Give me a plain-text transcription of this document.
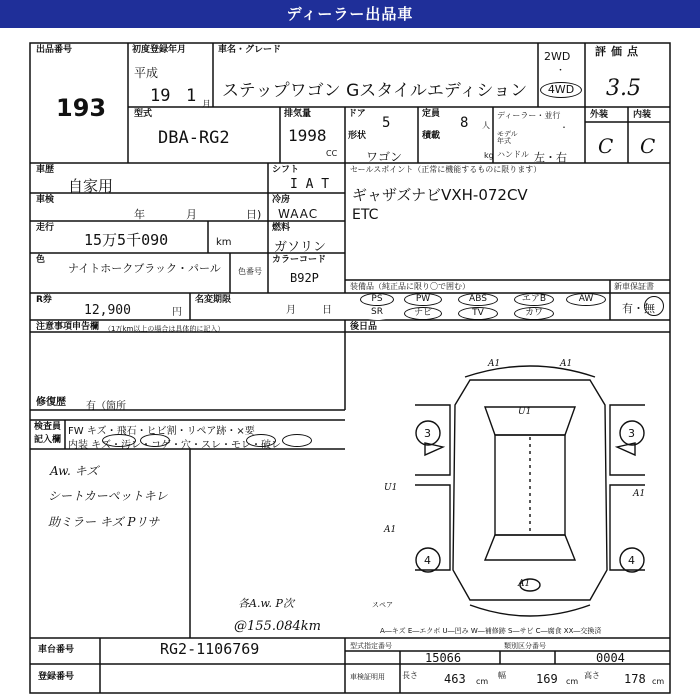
ディーラー出品車
出品番号
193
初度登録年月
平成
19 1 月
車名・グレード
ステップワゴン Gスタイルエディション
2WD
・
4WD
評価点
3.5
型式
DBA-RG2
排気量
1998
CC
ドア
5
定員
8 人
ディーラー・並行
・
形状
ワゴン
積載
kg
モデル年式
ハンドル 左・右
外装	内装
C C
車歴
自家用
シフト
I A T
セールスポイント（正常に機能するものに限ります）
ギャザズナビVXH-072CV
ETC
車検
年	月	日)
冷房
WAAC
走行
15万5千090	km
燃料
ガソリン
色
ナイトホークブラック・パール	色番号
カラーコード
B92P
装備品（純正品に限り〇で囲む）
PS	PW	ABS	エアB	AW
SR	ナビ	TV	カワ
新車保証書
有・無
R券
12,900	円
名変期限
月	日
注意事項申告欄 （1万km以上の場合は具体的に記入）	後日品
修復歴 有（箇所
検査員
記入欄
FW キズ・飛石・ヒビ割・リペア跡・×要
内装 キズ・汚レ・コゲ・穴・スレ・モレ・破レ
Aw. キズ
シートカーペットキレ
助ミラー キズ Pリサ
各A.w. P次
@155.084km
A1	A1
U1
U1
A1
A1
A1
3	3
4	4
スペア
A―キズ E―エクボ U―凹み W―補修跡 S―サビ C―腐食 XX―交換済
車台番号	RG2-1106769
登録番号
型式指定番号
15066
類別区分番号
0004
車検証明用 長さ 463 cm
幅	169 cm
高さ 178 cm
